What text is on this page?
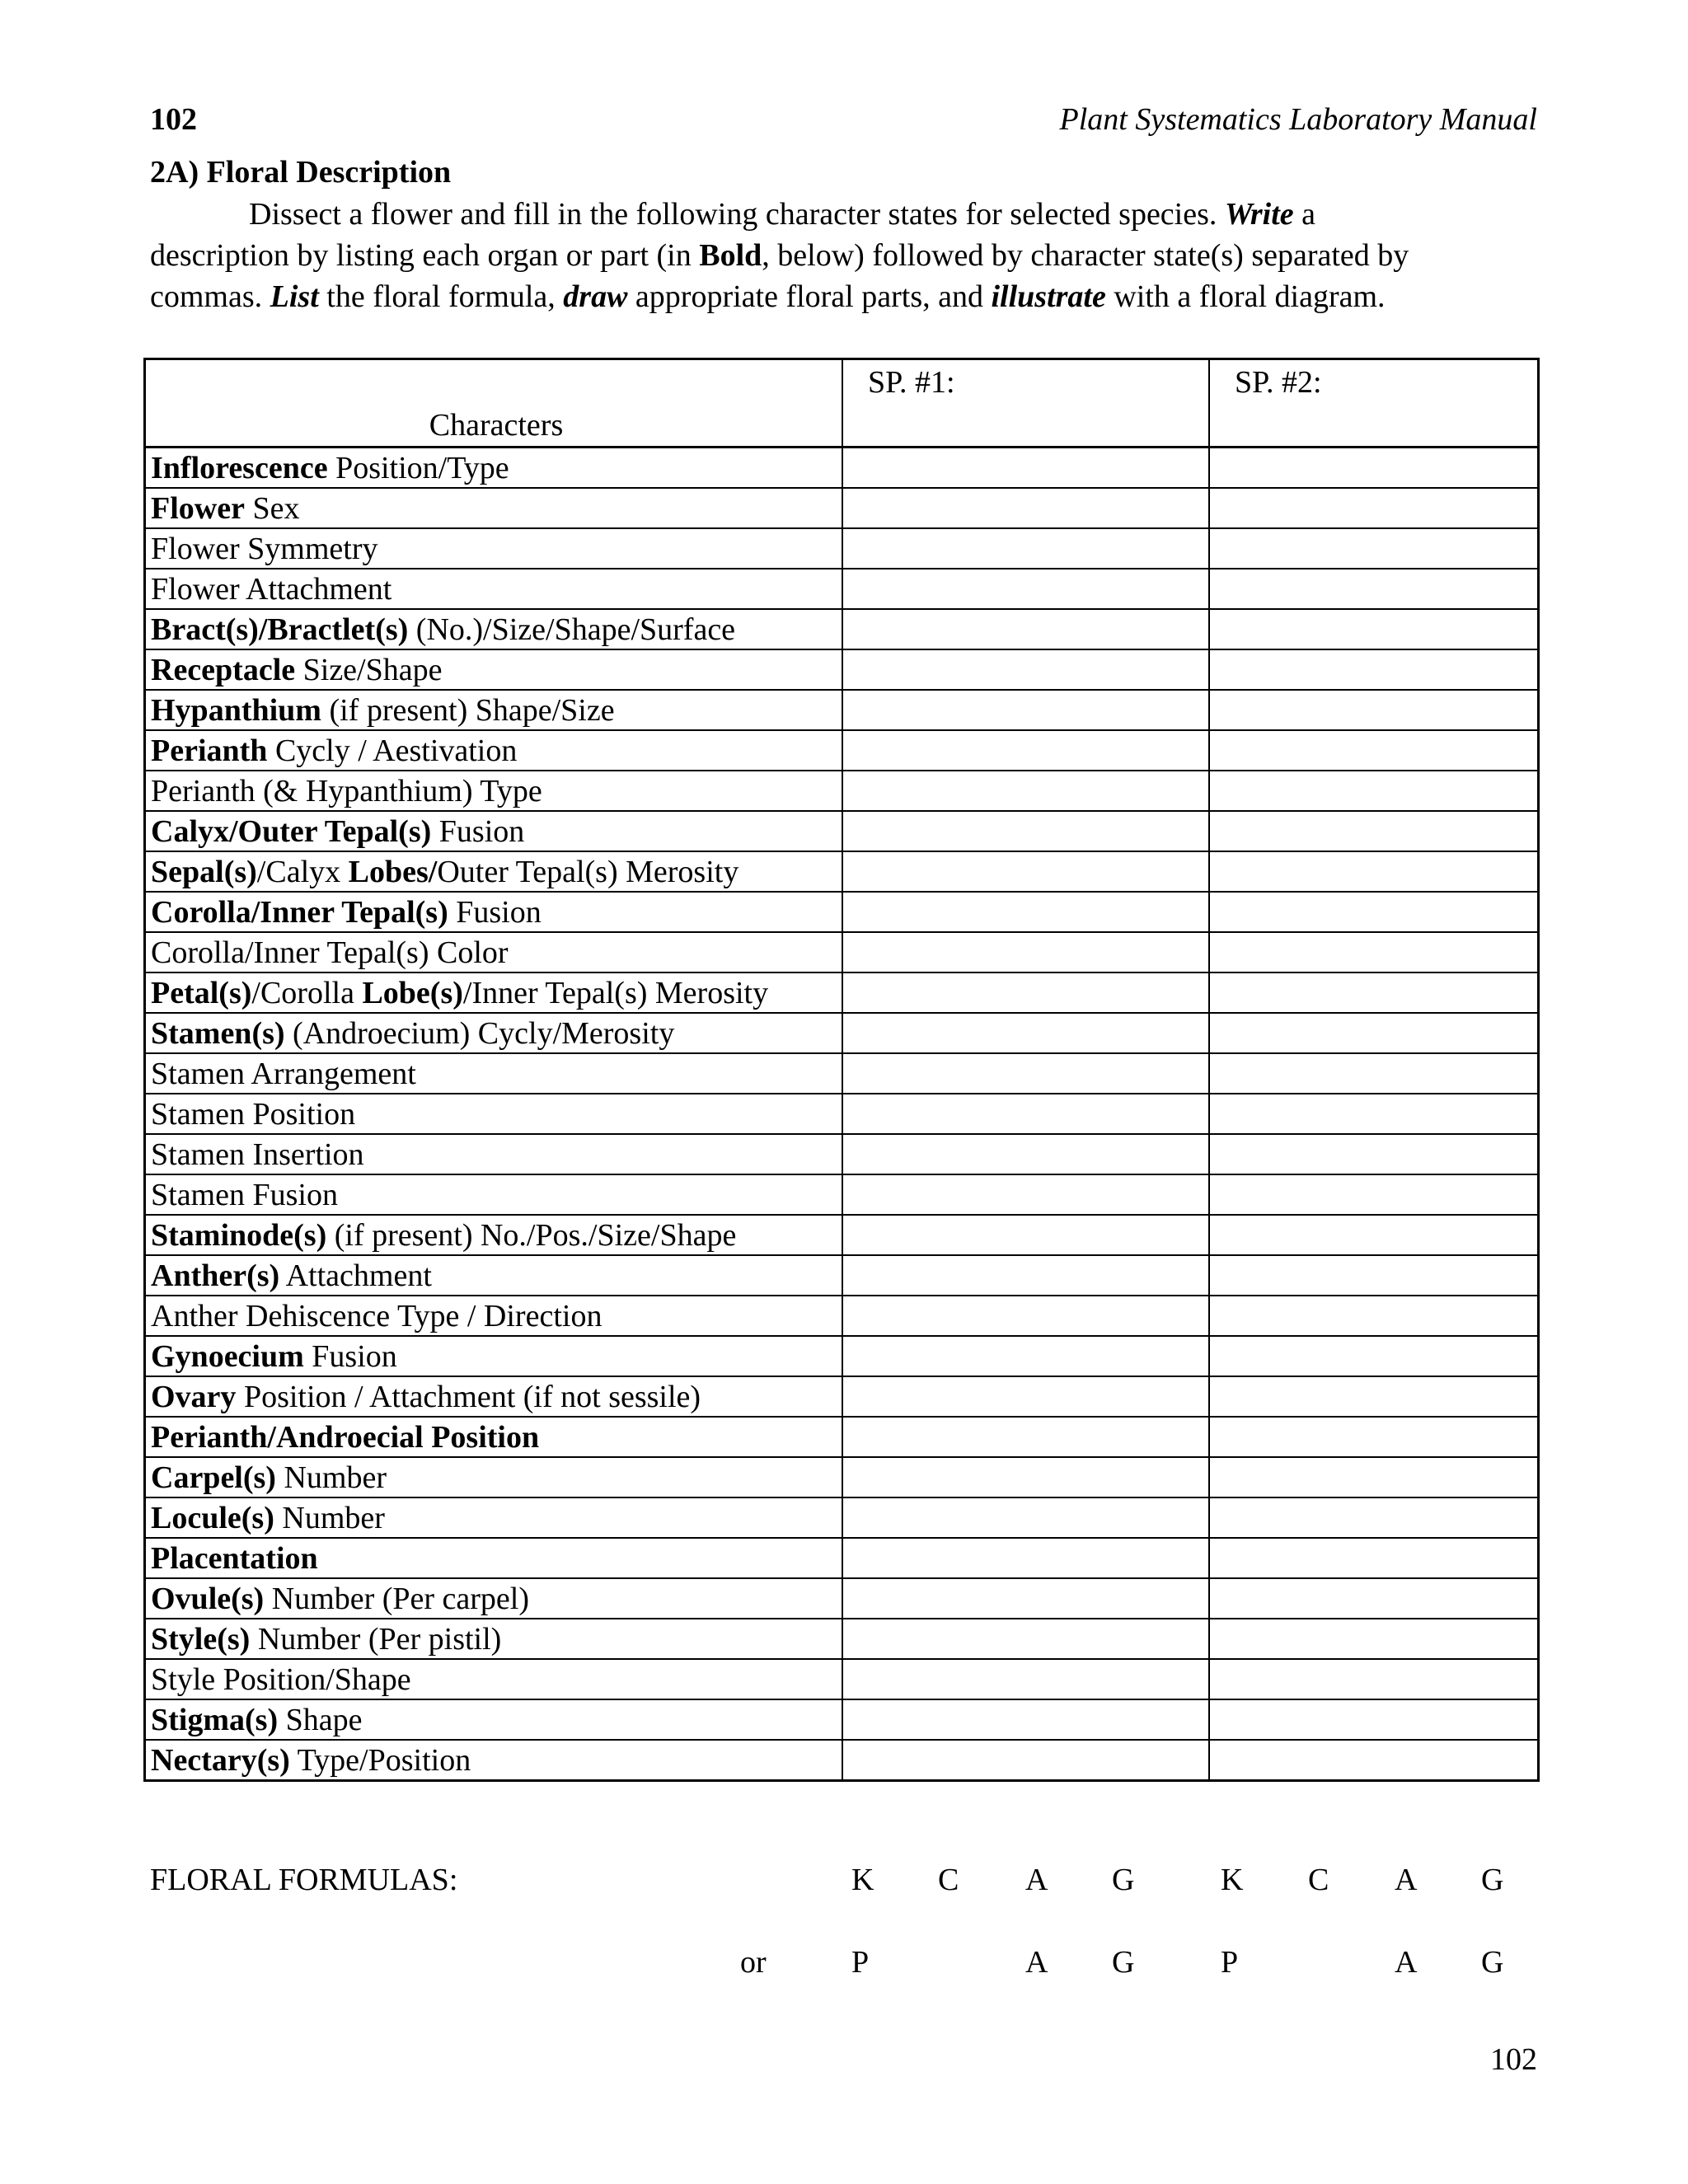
102	Plant Systematics Laboratory Manual
2A) Floral Description
Dissect a flower and fill in the following character states for selected species. Write a
description by listing each organ or part (in Bold, below) followed by character state(s) separated by
commas. List the floral formula, draw appropriate floral parts, and illustrate with a floral diagram.
Characters	SP. #1:	SP. #2:
Inflorescence Position/Type		
Flower Sex		
Flower Symmetry		
Flower Attachment		
Bract(s)/Bractlet(s) (No.)/Size/Shape/Surface		
Receptacle Size/Shape		
Hypanthium (if present) Shape/Size		
Perianth Cycly / Aestivation		
Perianth (& Hypanthium) Type		
Calyx/Outer Tepal(s) Fusion		
Sepal(s)/Calyx Lobes/Outer Tepal(s) Merosity		
Corolla/Inner Tepal(s) Fusion		
Corolla/Inner Tepal(s) Color		
Petal(s)/Corolla Lobe(s)/Inner Tepal(s) Merosity		
Stamen(s) (Androecium) Cycly/Merosity		
Stamen Arrangement		
Stamen Position		
Stamen Insertion		
Stamen Fusion		
Staminode(s) (if present) No./Pos./Size/Shape		
Anther(s) Attachment		
Anther Dehiscence Type / Direction		
Gynoecium Fusion		
Ovary Position / Attachment (if not sessile)		
Perianth/Androecial Position		
Carpel(s) Number		
Locule(s) Number		
Placentation		
Ovule(s) Number (Per carpel)		
Style(s) Number (Per pistil)		
Style Position/Shape		
Stigma(s) Shape		
Nectary(s) Type/Position		
FLORAL FORMULAS:
or
K C A G	K C A G
P	A G	P	A G
102
